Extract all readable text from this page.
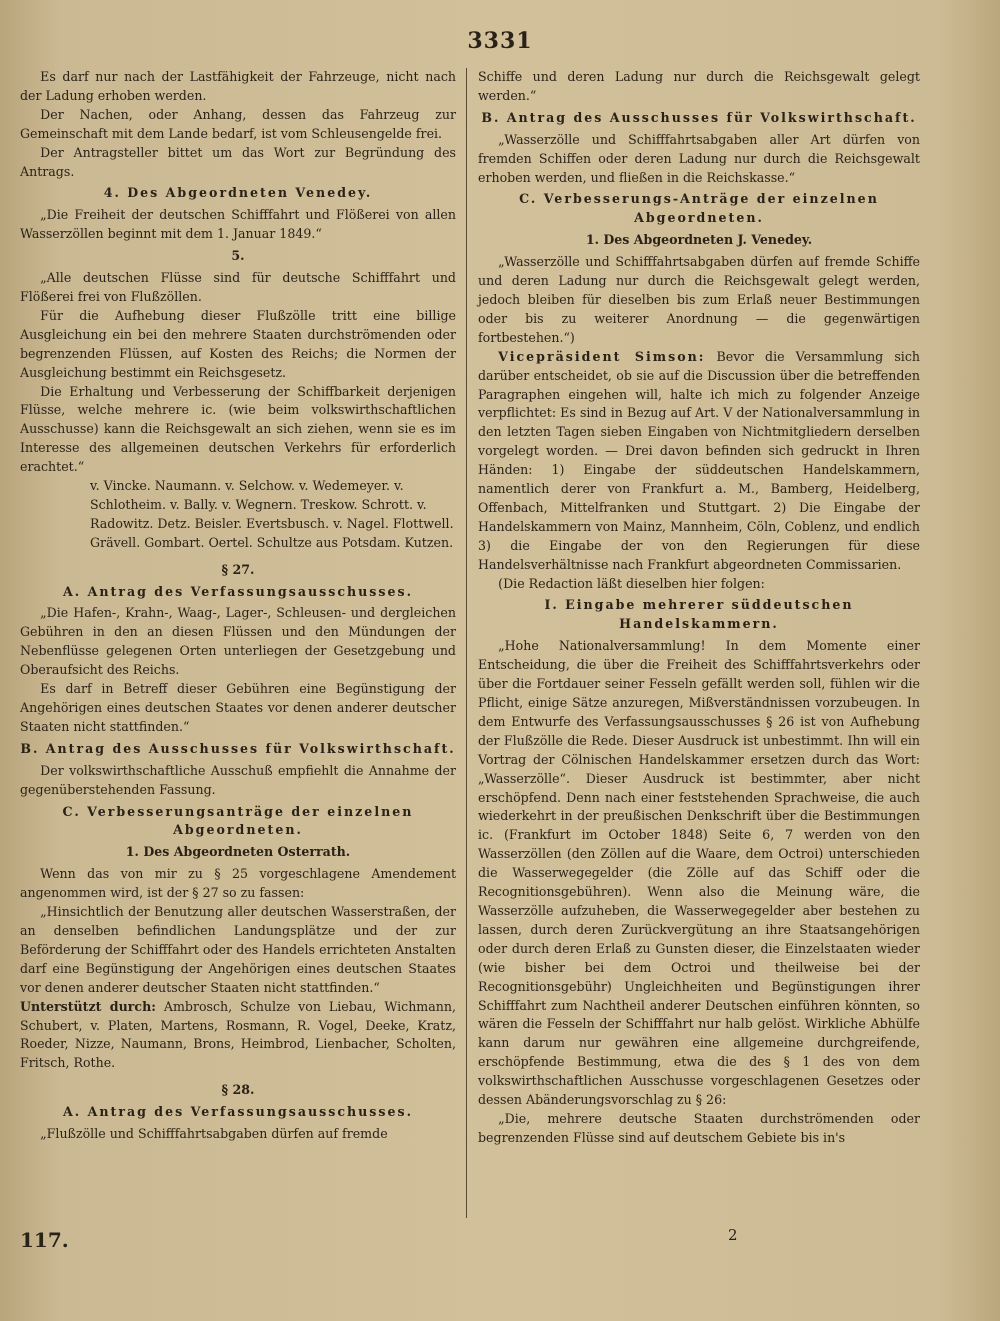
3331

Es darf nur nach der Lastfähigkeit der Fahrzeuge, nicht nach der Ladung erhoben werden.

Der Nachen, oder Anhang, dessen das Fahrzeug zur Gemeinschaft mit dem Lande bedarf, ist vom Schleusengelde frei.

Der Antragsteller bittet um das Wort zur Begründung des Antrags.

4. Des Abgeordneten Venedey.

„Die Freiheit der deutschen Schifffahrt und Flößerei von allen Wasserzöllen beginnt mit dem 1. Januar 1849.“

5.

„Alle deutschen Flüsse sind für deutsche Schifffahrt und Flößerei frei von Flußzöllen.

Für die Aufhebung dieser Flußzölle tritt eine billige Ausgleichung ein bei den mehrere Staaten durchströmenden oder begrenzenden Flüssen, auf Kosten des Reichs; die Normen der Ausgleichung bestimmt ein Reichsgesetz.

Die Erhaltung und Verbesserung der Schiffbarkeit derjenigen Flüsse, welche mehrere ic. (wie beim volkswirthschaftlichen Ausschusse) kann die Reichsgewalt an sich ziehen, wenn sie es im Interesse des allgemeinen deutschen Verkehrs für erforderlich erachtet.“

v. Vincke. Naumann. v. Selchow. v. Wedemeyer. v. Schlotheim. v. Bally. v. Wegnern. Treskow. Schrott. v. Radowitz. Detz. Beisler. Evertsbusch. v. Nagel. Flottwell. Grävell. Gombart. Oertel. Schultze aus Potsdam. Kutzen.

§ 27.

A. Antrag des Verfassungsausschusses.

„Die Hafen-, Krahn-, Waag-, Lager-, Schleusen- und dergleichen Gebühren in den an diesen Flüssen und den Mündungen der Nebenflüsse gelegenen Orten unterliegen der Gesetzgebung und Oberaufsicht des Reichs.

Es darf in Betreff dieser Gebühren eine Begünstigung der Angehörigen eines deutschen Staates vor denen anderer deutscher Staaten nicht stattfinden.“

B. Antrag des Ausschusses für Volkswirthschaft.

Der volkswirthschaftliche Ausschuß empfiehlt die Annahme der gegenüberstehenden Fassung.

C. Verbesserungsanträge der einzelnen Abgeordneten.

1. Des Abgeordneten Osterrath.

Wenn das von mir zu § 25 vorgeschlagene Amendement angenommen wird, ist der § 27 so zu fassen:

„Hinsichtlich der Benutzung aller deutschen Wasserstraßen, der an denselben befindlichen Landungsplätze und der zur Beförderung der Schifffahrt oder des Handels errichteten Anstalten darf eine Begünstigung der Angehörigen eines deutschen Staates vor denen anderer deutscher Staaten nicht stattfinden.“

Unterstützt durch: Ambrosch, Schulze von Liebau, Wichmann, Schubert, v. Platen, Martens, Rosmann, R. Vogel, Deeke, Kratz, Roeder, Nizze, Naumann, Brons, Heimbrod, Lienbacher, Scholten, Fritsch, Rothe.

§ 28.

A. Antrag des Verfassungsausschusses.

„Flußzölle und Schifffahrtsabgaben dürfen auf fremde

Schiffe und deren Ladung nur durch die Reichsgewalt gelegt werden.“

B. Antrag des Ausschusses für Volkswirthschaft.

„Wasserzölle und Schifffahrtsabgaben aller Art dürfen von fremden Schiffen oder deren Ladung nur durch die Reichsgewalt erhoben werden, und fließen in die Reichskasse.“

C. Verbesserungs-Anträge der einzelnen Abgeordneten.

1. Des Abgeordneten J. Venedey.

„Wasserzölle und Schifffahrtsabgaben dürfen auf fremde Schiffe und deren Ladung nur durch die Reichsgewalt gelegt werden, jedoch bleiben für dieselben bis zum Erlaß neuer Bestimmungen oder bis zu weiterer Anordnung — die gegenwärtigen fortbestehen.“)

Vicepräsident Simson: Bevor die Versammlung sich darüber entscheidet, ob sie auf die Discussion über die betreffenden Paragraphen eingehen will, halte ich mich zu folgender Anzeige verpflichtet: Es sind in Bezug auf Art. V der Nationalversammlung in den letzten Tagen sieben Eingaben von Nichtmitgliedern derselben vorgelegt worden. — Drei davon befinden sich gedruckt in Ihren Händen: 1) Eingabe der süddeutschen Handelskammern, namentlich derer von Frankfurt a. M., Bamberg, Heidelberg, Offenbach, Mittelfranken und Stuttgart. 2) Die Eingabe der Handelskammern von Mainz, Mannheim, Cöln, Coblenz, und endlich 3) die Eingabe der von den Regierungen für diese Handelsverhältnisse nach Frankfurt abgeordneten Commissarien.

(Die Redaction läßt dieselben hier folgen:

I. Eingabe mehrerer süddeutschen Handelskammern.

„Hohe Nationalversammlung! In dem Momente einer Entscheidung, die über die Freiheit des Schifffahrtsverkehrs oder über die Fortdauer seiner Fesseln gefällt werden soll, fühlen wir die Pflicht, einige Sätze anzuregen, Mißverständnissen vorzubeugen. In dem Entwurfe des Verfassungsausschusses § 26 ist von Aufhebung der Flußzölle die Rede. Dieser Ausdruck ist unbestimmt. Ihn will ein Vortrag der Cölnischen Handelskammer ersetzen durch das Wort: „Wasserzölle“. Dieser Ausdruck ist bestimmter, aber nicht erschöpfend. Denn nach einer feststehenden Sprachweise, die auch wiederkehrt in der preußischen Denkschrift über die Bestimmungen ic. (Frankfurt im October 1848) Seite 6, 7 werden von den Wasserzöllen (den Zöllen auf die Waare, dem Octroi) unterschieden die Wasserwegegelder (die Zölle auf das Schiff oder die Recognitionsgebühren). Wenn also die Meinung wäre, die Wasserzölle aufzuheben, die Wasserwegegelder aber bestehen zu lassen, durch deren Zurückvergütung an ihre Staatsangehörigen oder durch deren Erlaß zu Gunsten dieser, die Einzelstaaten wieder (wie bisher bei dem Octroi und theilweise bei der Recognitionsgebühr) Ungleichheiten und Begünstigungen ihrer Schifffahrt zum Nachtheil anderer Deutschen einführen könnten, so wären die Fesseln der Schifffahrt nur halb gelöst. Wirkliche Abhülfe kann darum nur gewähren eine allgemeine durchgreifende, erschöpfende Bestimmung, etwa die des § 1 des von dem volkswirthschaftlichen Ausschusse vorgeschlagenen Gesetzes oder dessen Abänderungsvorschlag zu § 26:

„Die, mehrere deutsche Staaten durchströmenden oder begrenzenden Flüsse sind auf deutschem Gebiete bis in's

117.	2
